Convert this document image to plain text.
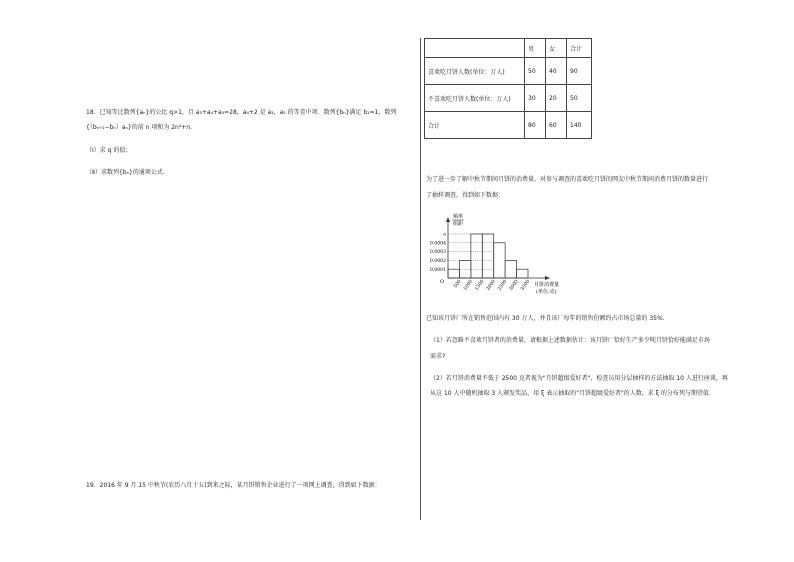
18．已知等比数列{aₙ}的公比 q>1，且 a₃+a₄+a₅=28，a₄+2 是 a₃，a₅ 的等差中项．数列{bₙ}满足 b₁=1，数列
{（bₙ₊₁−bₙ）aₙ}的前 n 项和为 2n²+n．
（Ⅰ）求 q 的值；
（Ⅱ）求数列{bₙ}的通项公式．
19．2016 年 9 月 15 中秋节(农历八月十五)到来之际，某月饼销售企业进行了一项网上调查，得到如下数据：
	男	女	合计
喜欢吃月饼人数(单位：万人)	50	40	90
不喜欢吃月饼人数(单位：万人)	30	20	50
合计	80	60	140
为了进一步了解中秋节期间月饼的消费量，对参与调查的喜欢吃月饼的网友中秋节期间消费月饼的数量进行
了抽样调查，得到如下数据：
频率
组距
O	月饼消费量
(单位:克)
a
0.0004
0.0003
0.0002
0.0001
500 1000 1500 2000 2500 3000 3500
已知该月饼厂所在销售范围内有 30 万人，并且该厂每年的销售份额约占市场总量的 35%．
（1）若忽略不喜欢月饼者的消费量，请根据上述数据估计：该月饼厂恰好生产多少吨月饼恰好能满足市场
需求?
（2）若月饼消费量不低于 2500 克者视为"月饼超级爱好者"，检查员用分层抽样的方法抽取 10 人进行座谈，再
从这 10 人中随机抽取 3 人颁发奖品，用 ξ 表示抽取的"月饼超级爱好者"的人数，求 ξ 的分布列与期望值.
